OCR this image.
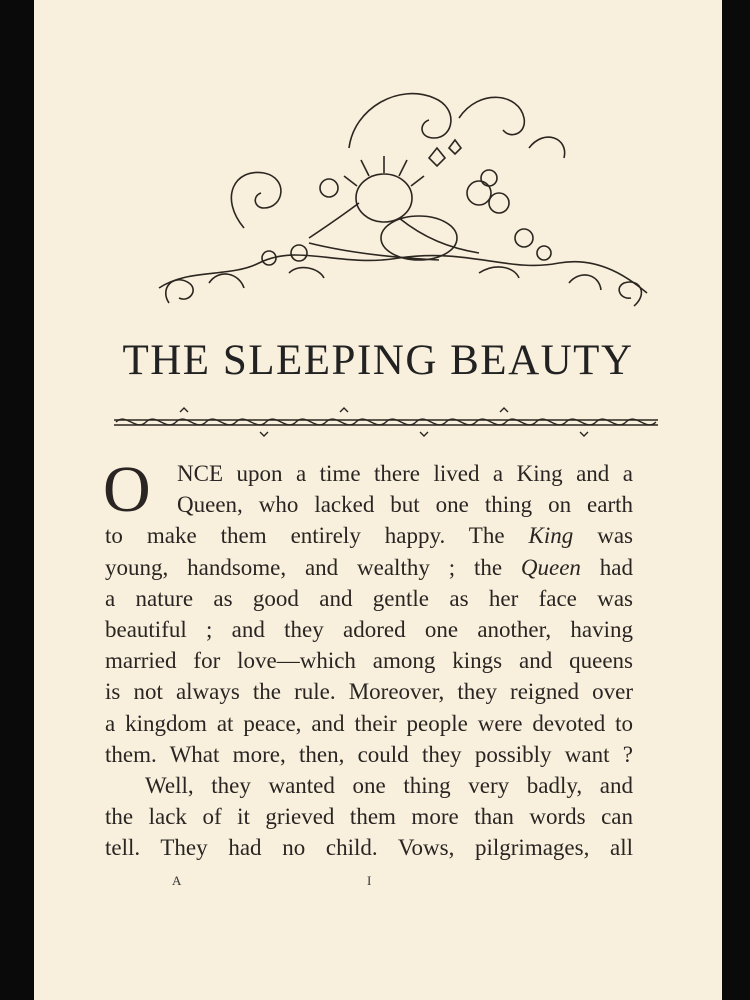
THE SLEEPING BEAUTY
O	NCE upon a time there lived a King and a
Queen, who lacked but one thing on earth
to make them entirely happy. The King was
young, handsome, and wealthy ; the Queen had
a nature as good and gentle as her face was
beautiful ; and they adored one another, having
married for love—which among kings and queens
is not always the rule. Moreover, they reigned over
a kingdom at peace, and their people were devoted to
them. What more, then, could they possibly want ?
Well, they wanted one thing very badly, and
the lack of it grieved them more than words can
tell. They had no child. Vows, pilgrimages, all
A	I
